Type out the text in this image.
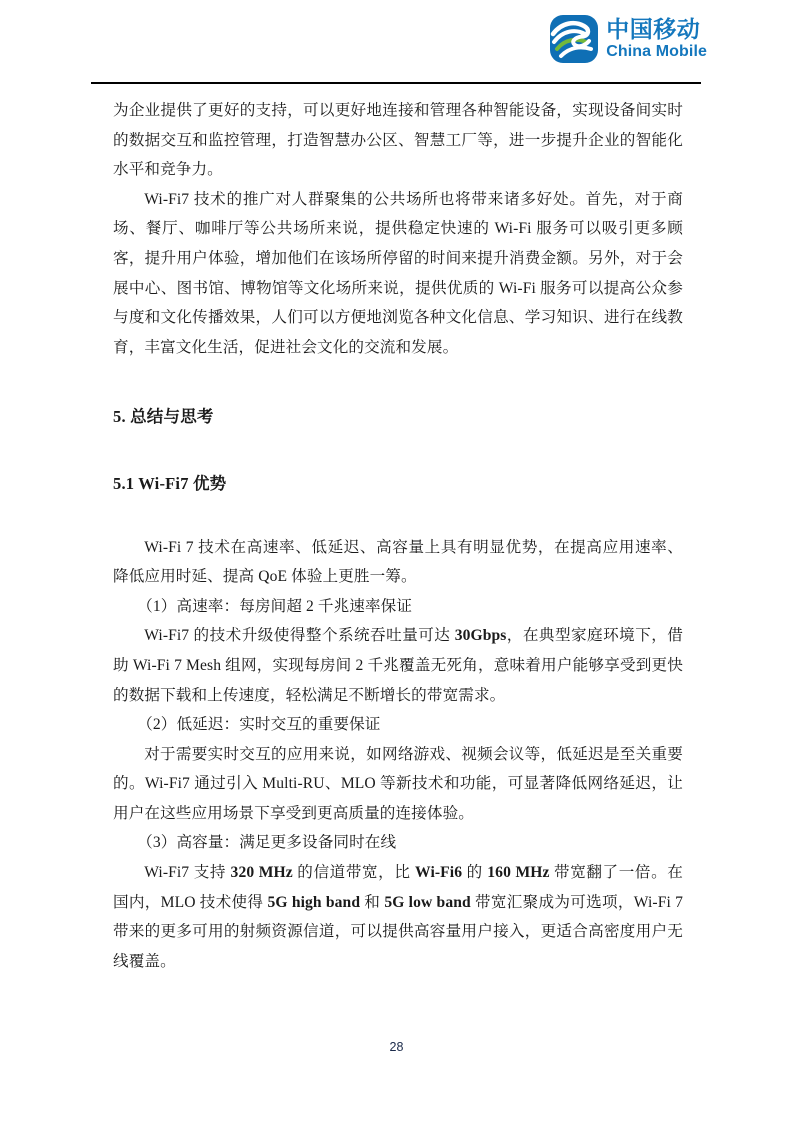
中国移动
China Mobile

为企业提供了更好的支持，可以更好地连接和管理各种智能设备，实现设备间实时的数据交互和监控管理，打造智慧办公区、智慧工厂等，进一步提升企业的智能化水平和竞争力。

Wi-Fi7 技术的推广对人群聚集的公共场所也将带来诸多好处。首先，对于商场、餐厅、咖啡厅等公共场所来说，提供稳定快速的 Wi-Fi 服务可以吸引更多顾客，提升用户体验，增加他们在该场所停留的时间来提升消费金额。另外，对于会展中心、图书馆、博物馆等文化场所来说，提供优质的 Wi-Fi 服务可以提高公众参与度和文化传播效果，人们可以方便地浏览各种文化信息、学习知识、进行在线教育，丰富文化生活，促进社会文化的交流和发展。

5. 总结与思考
5.1 Wi-Fi7 优势

Wi-Fi 7 技术在高速率、低延迟、高容量上具有明显优势，在提高应用速率、降低应用时延、提高 QoE 体验上更胜一筹。

（1）高速率：每房间超 2 千兆速率保证

Wi-Fi7 的技术升级使得整个系统吞吐量可达 30Gbps，在典型家庭环境下，借助 Wi-Fi 7 Mesh 组网，实现每房间 2 千兆覆盖无死角，意味着用户能够享受到更快的数据下载和上传速度，轻松满足不断增长的带宽需求。

（2）低延迟：实时交互的重要保证

对于需要实时交互的应用来说，如网络游戏、视频会议等，低延迟是至关重要的。Wi-Fi7 通过引入 Multi-RU、MLO 等新技术和功能，可显著降低网络延迟，让用户在这些应用场景下享受到更高质量的连接体验。

（3）高容量：满足更多设备同时在线

Wi-Fi7 支持 320 MHz 的信道带宽，比 Wi-Fi6 的 160 MHz 带宽翻了一倍。在国内，MLO 技术使得 5G high band 和 5G low band 带宽汇聚成为可选项，Wi-Fi 7 带来的更多可用的射频资源信道，可以提供高容量用户接入，更适合高密度用户无线覆盖。

28
